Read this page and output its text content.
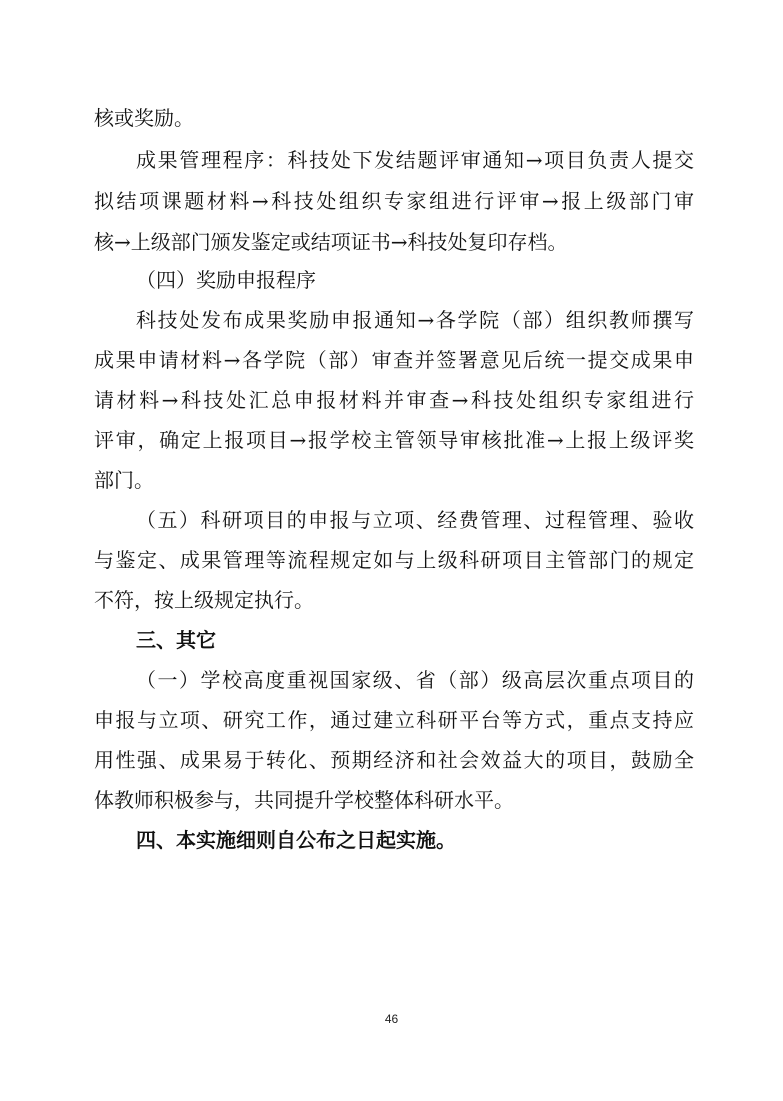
核或奖励。
成果管理程序：科技处下发结题评审通知→项目负责人提交
拟结项课题材料→科技处组织专家组进行评审→报上级部门审
核→上级部门颁发鉴定或结项证书→科技处复印存档。
（四）奖励申报程序
科技处发布成果奖励申报通知→各学院（部）组织教师撰写
成果申请材料→各学院（部）审查并签署意见后统一提交成果申
请材料→科技处汇总申报材料并审查→科技处组织专家组进行
评审，确定上报项目→报学校主管领导审核批准→上报上级评奖
部门。
（五）科研项目的申报与立项、经费管理、过程管理、验收
与鉴定、成果管理等流程规定如与上级科研项目主管部门的规定
不符，按上级规定执行。
三、其它
（一）学校高度重视国家级、省（部）级高层次重点项目的
申报与立项、研究工作，通过建立科研平台等方式，重点支持应
用性强、成果易于转化、预期经济和社会效益大的项目，鼓励全
体教师积极参与，共同提升学校整体科研水平。
四、本实施细则自公布之日起实施。
46
